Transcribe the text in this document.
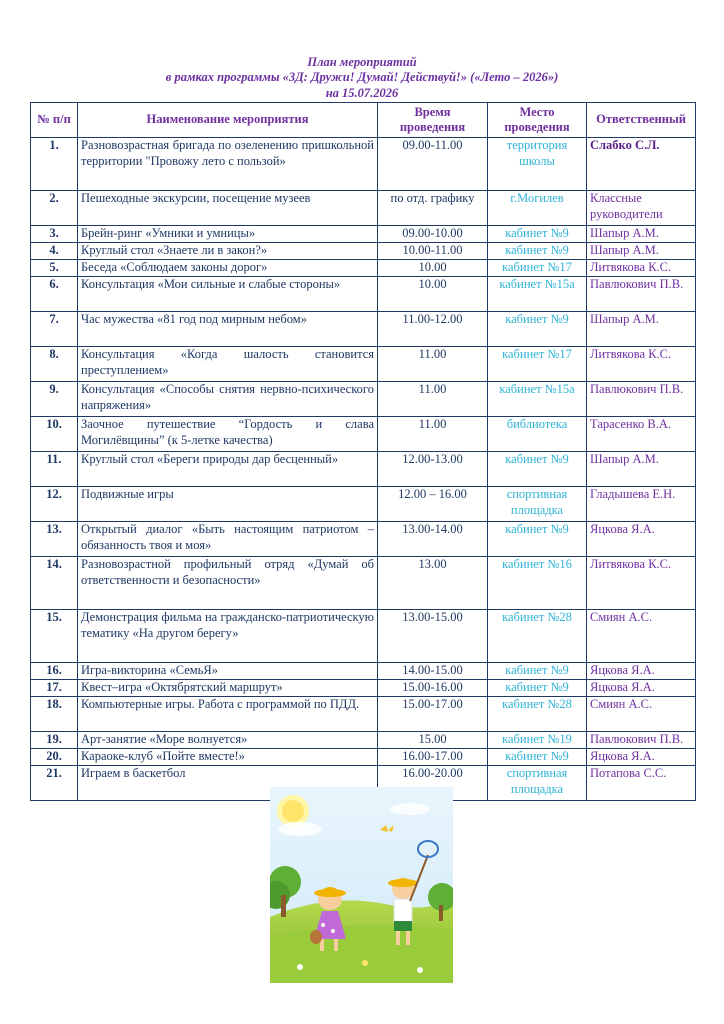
План мероприятий
в рамках программы «3Д: Дружи! Думай! Действуй!» («Лето – 2026»)
на 15.07.2026
№ п/п	Наименование мероприятия	Время проведения	Место проведения	Ответственный
1.	Разновозрастная бригада по озеленению пришкольной территории "Провожу лето с пользой»	09.00-11.00	территория школы	Слабко С.Л.
2.	Пешеходные экскурсии, посещение музеев	по отд. графику	г.Могилев	Классные руководители
3.	Брейн-ринг «Умники и умницы»	09.00-10.00	кабинет №9	Шапыр А.М.
4.	Круглый стол «Знаете ли в закон?»	10.00-11.00	кабинет №9	Шапыр А.М.
5.	Беседа «Соблюдаем законы дорог»	10.00	кабинет №17	Литвякова К.С.
6.	Консультация «Мои сильные и слабые стороны»	10.00	кабинет №15а	Павлюкович П.В.
7.	Час мужества «81 год под мирным небом»	11.00-12.00	кабинет №9	Шапыр А.М.
8.	Консультация «Когда шалость становится преступлением»	11.00	кабинет №17	Литвякова К.С.
9.	Консультация «Способы снятия нервно-психического напряжения»	11.00	кабинет №15а	Павлюкович П.В.
10.	Заочное путешествие “Гордость и слава Могилёвщины” (к 5-летке качества)	11.00	библиотека	Тарасенко В.А.
11.	Круглый стол «Береги природы дар бесценный»	12.00-13.00	кабинет №9	Шапыр А.М.
12.	Подвижные игры	12.00 – 16.00	спортивная площадка	Гладышева Е.Н.
13.	Открытый диалог «Быть настоящим патриотом – обязанность твоя и моя»	13.00-14.00	кабинет №9	Яцкова Я.А.
14.	Разновозрастной профильный отряд «Думай об ответственности и безопасности»	13.00	кабинет №16	Литвякова К.С.
15.	Демонстрация фильма на гражданско-патриотическую тематику «На другом берегу»	13.00-15.00	кабинет №28	Смиян А.С.
16.	Игра-викторина «СемьЯ»	14.00-15.00	кабинет №9	Яцкова Я.А.
17.	Квест–игра «Октябрятский маршрут»	15.00-16.00	кабинет №9	Яцкова Я.А.
18.	Компьютерные игры. Работа с программой по ПДД.	15.00-17.00	кабинет №28	Смиян А.С.
19.	Арт-занятие «Море волнуется»	15.00	кабинет №19	Павлюкович П.В.
20.	Караоке-клуб «Пойте вместе!»	16.00-17.00	кабинет №9	Яцкова Я.А.
21.	Играем в баскетбол	16.00-20.00	спортивная площадка	Потапова С.С.
